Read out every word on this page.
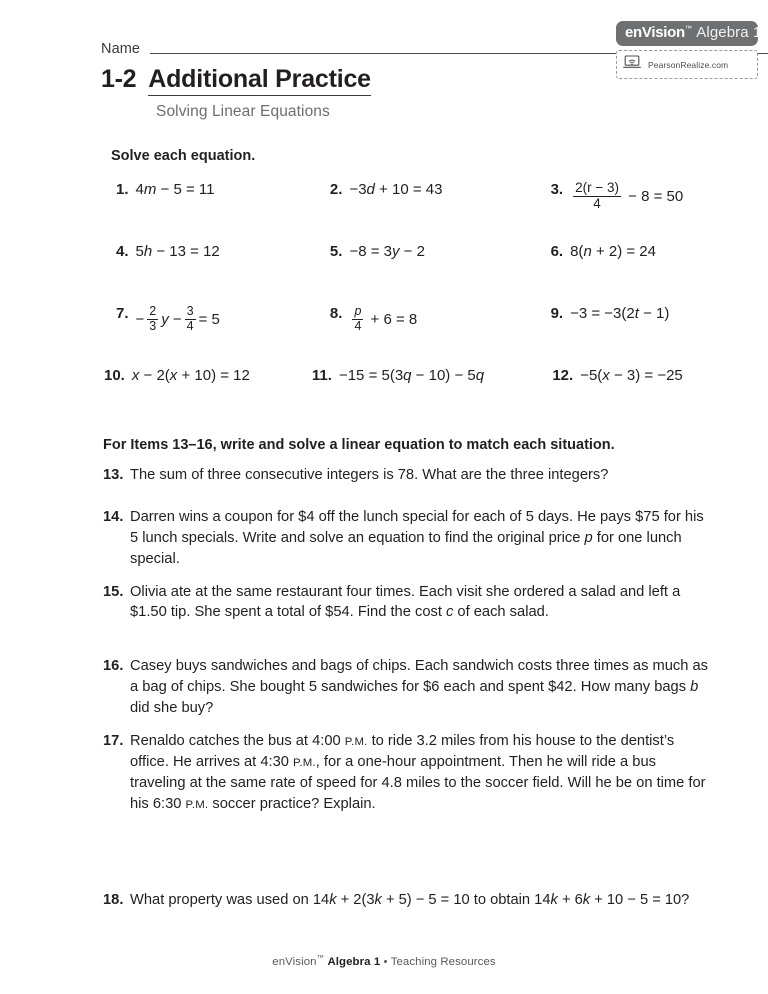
Name
1-2 Additional Practice
Solving Linear Equations
enVision™ Algebra 1
PearsonRealize.com
Solve each equation.
1. 4 m − 5 = 11	2. −3 d + 10 = 43	3. $\frac{2(r - 3)}{4} - 8 = 50$
4. 5 h − 13 = 12	5. −8 = 3 y − 2	6. 8( n + 2) = 24
7. − $\frac{2}{3}$ $y - \frac{3}{4} = 5$	8. $\frac{p}{4} + 6 = 8$	9. −3 = −3(2 t − 1)
10. x − 2( x + 10) = 12	11. −15 = 5(3 q − 10) − 5 q	12. −5( x − 3) = −25
For Items 13–16, write and solve a linear equation to match each situation.
13. The sum of three consecutive integers is 78. What are the three integers?
14. Darren wins a coupon for $4 off the lunch special for each of 5 days. He pays $75 for his 5 lunch specials. Write and solve an equation to find the original price p for one lunch special.
15. Olivia ate at the same restaurant four times. Each visit she ordered a salad and left a $1.50 tip. She spent a total of $54. Find the cost c of each salad.
16. Casey buys sandwiches and bags of chips. Each sandwich costs three times as much as a bag of chips. She bought 5 sandwiches for $6 each and spent $42. How many bags b did she buy?
17. Renaldo catches the bus at 4:00 P.M. to ride 3.2 miles from his house to the dentist’s office. He arrives at 4:30 P.M., for a one-hour appointment. Then he will ride a bus traveling at the same rate of speed for 4.8 miles to the soccer field. Will he be on time for his 6:30 P.M. soccer practice? Explain.
18. What property was used on 14k + 2(3k + 5) − 5 = 10 to obtain 14k + 6k + 10 − 5 = 10?
enVision™ Algebra 1 • Teaching Resources
